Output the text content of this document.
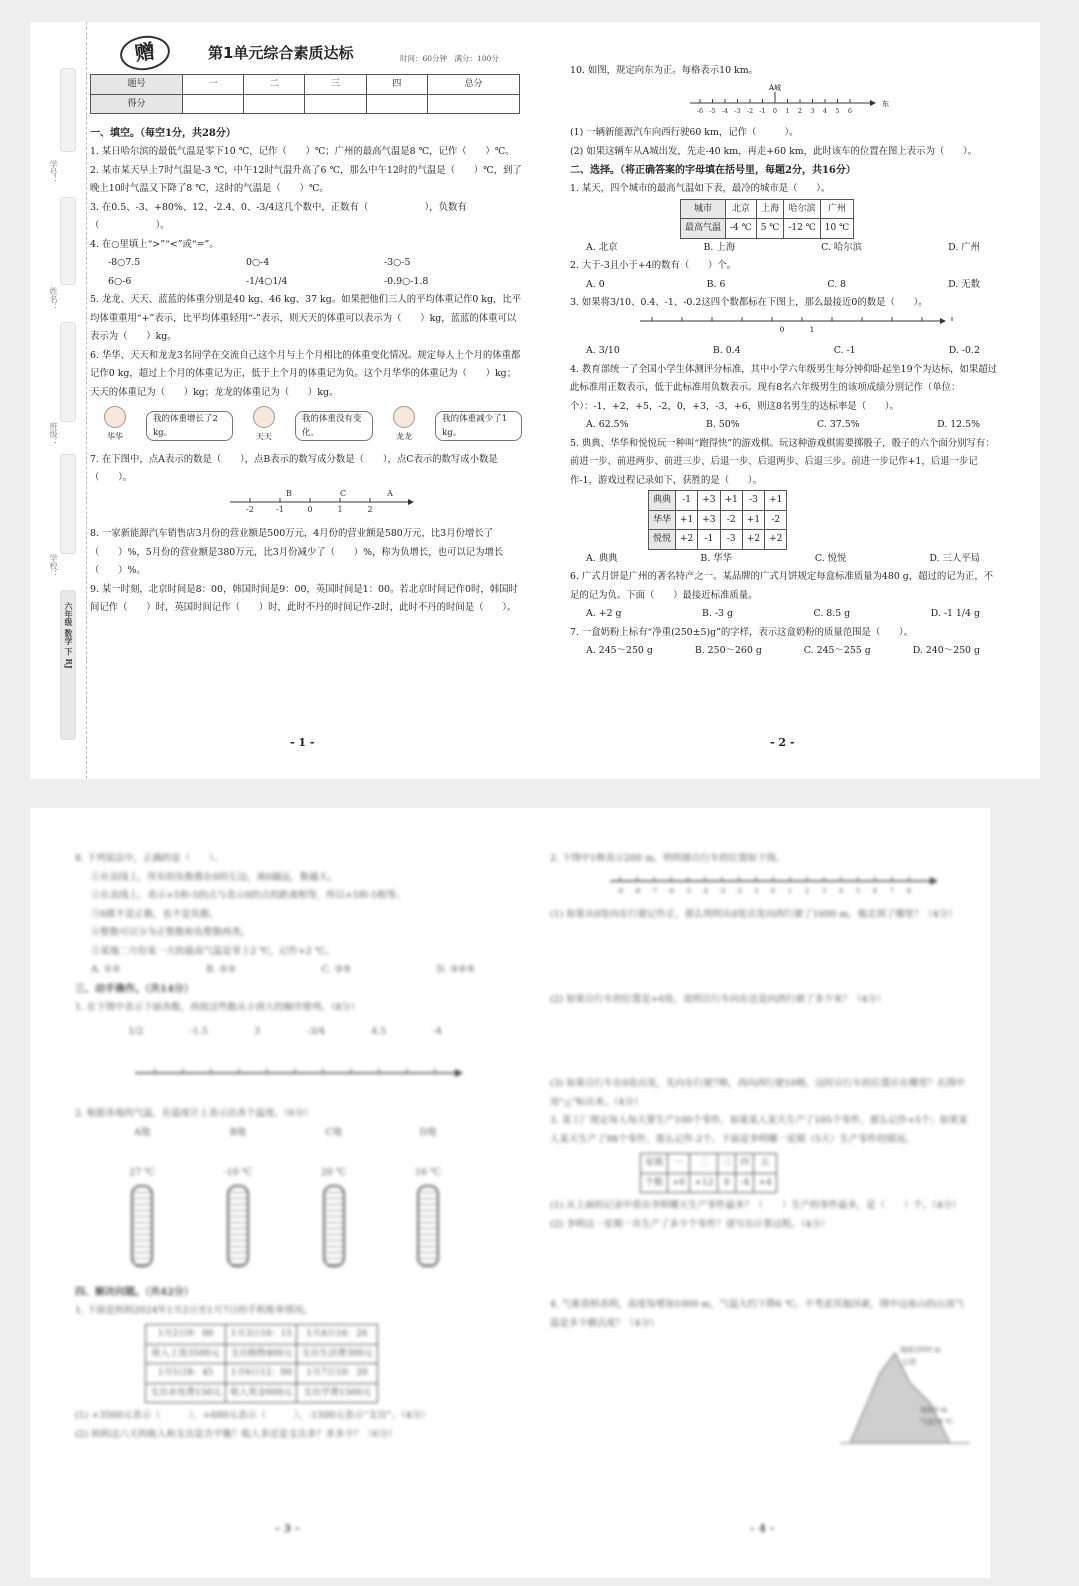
学号：
姓名：
班级：
学校：
六年级 数学 下 RJ
赠	第1单元综合素质达标	时间：60分钟　满分：100分
题号	一	二	三	四	总分
得分					

一、填空。（每空1分，共28分）

1. 某日哈尔滨的最低气温是零下10 ℃，记作（　　）℃；广州的最高气温是8 ℃，记作（　　）℃。

2. 某市某天早上7时气温是-3 ℃，中午12时气温升高了6 ℃，那么中午12时的气温是（　　）℃，到了晚上10时气温又下降了8 ℃，这时的气温是（　　）℃。

3. 在0.5、-3、+80%、12、-2.4、0、-3/4这几个数中，正数有（　　　　　　），负数有（　　　　　　）。

4. 在○里填上“>”“<”或“=”。

-8○7.5	0○-4	-3○-5
6○-6	-1/4○1/4	-0.9○-1.8

5. 龙龙、天天、蓝蓝的体重分别是40 kg、46 kg、37 kg。如果把他们三人的平均体重记作0 kg，比平均体重重用“+”表示，比平均体重轻用“-”表示，则天天的体重可以表示为（　　）kg，蓝蓝的体重可以表示为（　　）kg。

6. 华华、天天和龙龙3名同学在交流自己这个月与上个月相比的体重变化情况。规定每人上个月的体重都记作0 kg，超过上个月的体重记为正，低于上个月的体重记为负。这个月华华的体重记为（　　）kg；天天的体重记为（　　）kg；龙龙的体重记为（　　）kg。

华华
我的体重增长了2 kg。	天天
我的体重没有变化。	龙龙
我的体重减少了1 kg。

7. 在下图中，点A表示的数是（　　），点B表示的数写成分数是（　　），点C表示的数写成小数是（　　）。

-2	-1	0	1	2
B	C	A

8. 一家新能源汽车销售店3月份的营业额是500万元，4月份的营业额是580万元，比3月份增长了（　　）%，5月份的营业额是380万元，比3月份减少了（　　）%，称为负增长，也可以记为增长（　　）%。

9. 某一时刻，北京时间是8：00，韩国时间是9：00，英国时间是1：00。若北京时间记作0时，韩国时间记作（　　）时，英国时间记作（　　）时，此时不丹的时间记作-2时，此时不丹的时间是（　　）。

- 1 -

10. 如图，规定向东为正。每格表示10 km。

A城
东
-6 -5 -4 -3 -2 -1 0 1 2 3 4 5 6

(1) 一辆新能源汽车向西行驶60 km，记作（　　　）。

(2) 如果这辆车从A城出发，先走-40 km，再走+60 km，此时该车的位置在图上表示为（　　）。

二、选择。（将正确答案的字母填在括号里，每题2分，共16分）

1. 某天，四个城市的最高气温如下表，最冷的城市是（　　）。

城市	北京	上海	哈尔滨	广州
最高气温	-4 ℃	5 ℃	-12 ℃	10 ℃
A. 北京	B. 上海	C. 哈尔滨	D. 广州

2. 大于-3且小于+4的数有（　　）个。

A. 0	B. 6	C. 8	D. 无数

3. 如果将3/10、0.4、-1、-0.2这四个数都标在下图上，那么最接近0的数是（　　）。

0	1
A. 3/10	B. 0.4	C. -1	D. -0.2

4. 教育部统一了全国小学生体测评分标准，其中小学六年级男生每分钟仰卧起坐19个为达标，如果超过此标准用正数表示，低于此标准用负数表示。现有8名六年级男生的该项成绩分别记作（单位：个）：-1，+2，+5，-2，0，+3，-3，+6，则这8名男生的达标率是（　　）。

A. 62.5%	B. 50%	C. 37.5%	D. 12.5%

5. 典典、华华和悦悦玩一种叫“跑得快”的游戏棋。玩这种游戏棋需要掷骰子，骰子的六个面分别写有：前进一步、前进两步、前进三步、后退一步、后退两步、后退三步。前进一步记作+1，后退一步记作-1，游戏过程记录如下，获胜的是（　　）。

典典	-1	+3	+1	-3	+1
华华	+1	+3	-2	+1	-2
悦悦	+2	-1	-3	+2	+2
A. 典典	B. 华华	C. 悦悦	D. 三人平局

6. 广式月饼是广州的著名特产之一。某品牌的广式月饼规定每盒标准质量为480 g，超过的记为正，不足的记为负。下面（　　）最接近标准质量。

A. +2 g	B. -3 g	C. 8.5 g	D. -1 1/4 g

7. 一盒奶粉上标有“净重(250±5)g”的字样，表示这盒奶粉的质量范围是（　　）。

A. 245～250 g	B. 250～260 g	C. 245～255 g	D. 240～250 g
- 2 -

8. 下列说法中，正确的是（　　）。

①在直线上，所有的负数都在0的左边，离0越远，数越大。

②在直线上，表示+5和-5的点与表示0的点的距离相等，所以+5和-5相等。

③0既不是正数，也不是负数。

④整数可以分为正整数和负整数两类。

⑤某地二月份某一天的最高气温是零上2 ℃，记作+2 ℃。

A. ①②	B. ②③	C. ③⑤	D. ③④⑤

三、动手操作。（共14分）

1. 在下图中表示下面各数，再按这些数从小到大的顺序排列。（8分）

1/2	-1.5	3	-3/4	4.5	-4

2. 根据各地的气温，在温度计上表示出各个温度。（6分）

A地
27 ℃
B地
-10 ℃
C地
20 ℃
D地
16 ℃

四、解决问题。（共42分）

1. 下面是妈妈2024年1月2日至1月7日的手机账单情况。

1月2日9：00	1月3日10：15	1月4日16：26
收入工资3500元	支出购物400元	支出生活费300元
1月5日8：45	1月6日12：00	1月7日10：20
支出水电费150元	收入奖金600元	支出学费1500元

(1) +3500元表示（　　　），+600元表示（　　　），-1500元表示“支出”。（4分）

(2) 妈妈这六天的收入和支出是否平衡？收入多还是支出多？多多少？（6分）

- 3 -

2. 下图中1格表示200 m，明明骑自行车的位置如下图。

-9 -8 -7 -6 -5 -4 -3 -2 -1 0 1 2 3 4 5 6 7 8

(1) 如果从0处向东行驶记作正，那么明明从0处出发向西行驶了1600 m，他走到了哪里？（4分）

(2) 如果自行车的位置是+6处，说明自行车向东还是向西行驶了多少米？（4分）

(3) 如果自行车在0处出发，先向东行驶7格，再向西行驶10格，这时自行车的位置应在哪里？在图中用“△”标出来。（4分）

3. 某工厂规定每人每天要生产100个零件，如果某人某天生产了105个零件，那么记作+5个；如果某人某天生产了98个零件，那么记作-2个。下面是李明哪一星期（5天）生产零件的情况。

星期	一	二	三	四	五
个数	+6	+12	0	-4	+4

(1) 从上面的记录中看出李明哪天生产零件最多？（　　）生产的零件最多，是（　　）个。（4分）

(2) 李明这一星期一共生产了多少个零件？请写出计算过程。（4分）

4. 气象资料表明，高度每增加1000 m，气温大约下降6 ℃。不考虑其他因素，图中这座山的山顶气温是多少摄氏度？（4分）

海拔2000 m
山顶
海拔0 m
气温18 ℃
- 4 -
